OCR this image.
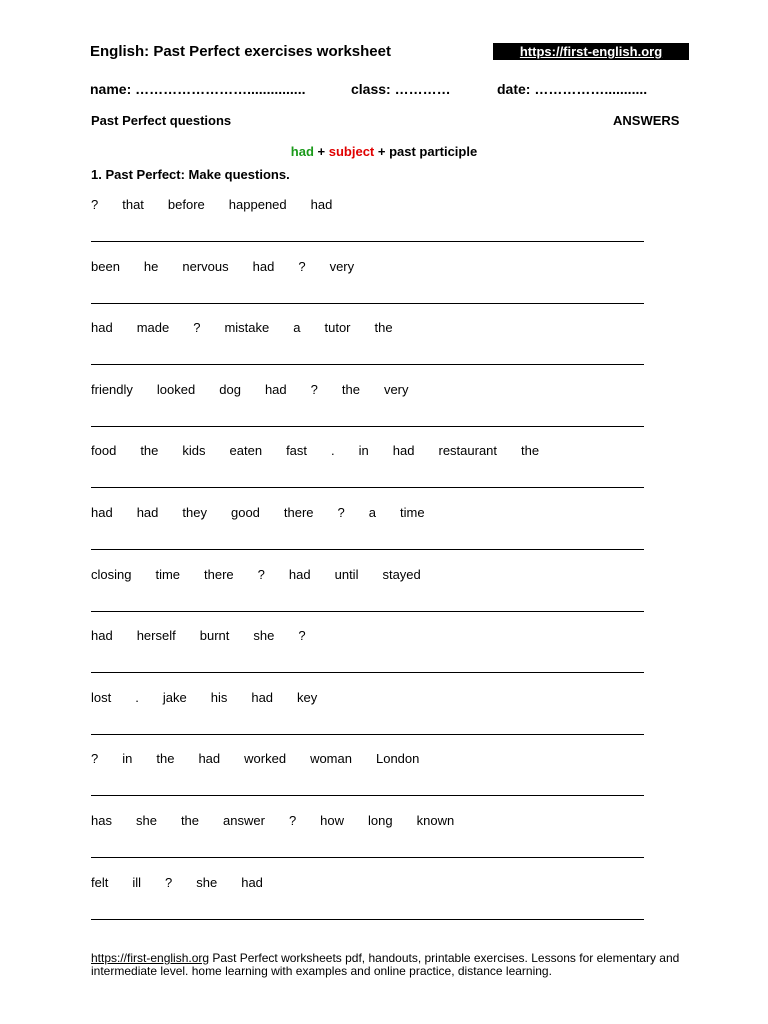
English: Past Perfect exercises worksheet	https://first-english.org
name: ……………………...............	class: …………	date: ……………...........
Past Perfect questions	ANSWERS
had + subject + past participle
1. Past Perfect: Make questions.
? that before happened had
been he nervous had ? very
had made ? mistake a tutor the
friendly looked dog had ? the very
food the kids eaten fast . in had restaurant the
had had they good there ? a time
closing time there ? had until stayed
had herself burnt she ?
lost . jake his had key
? in the had worked woman London
has she the answer ? how long known
felt ill ? she had
https://first-english.org Past Perfect worksheets pdf, handouts, printable exercises. Lessons for elementary and intermediate level. home learning with examples and online practice, distance learning.
